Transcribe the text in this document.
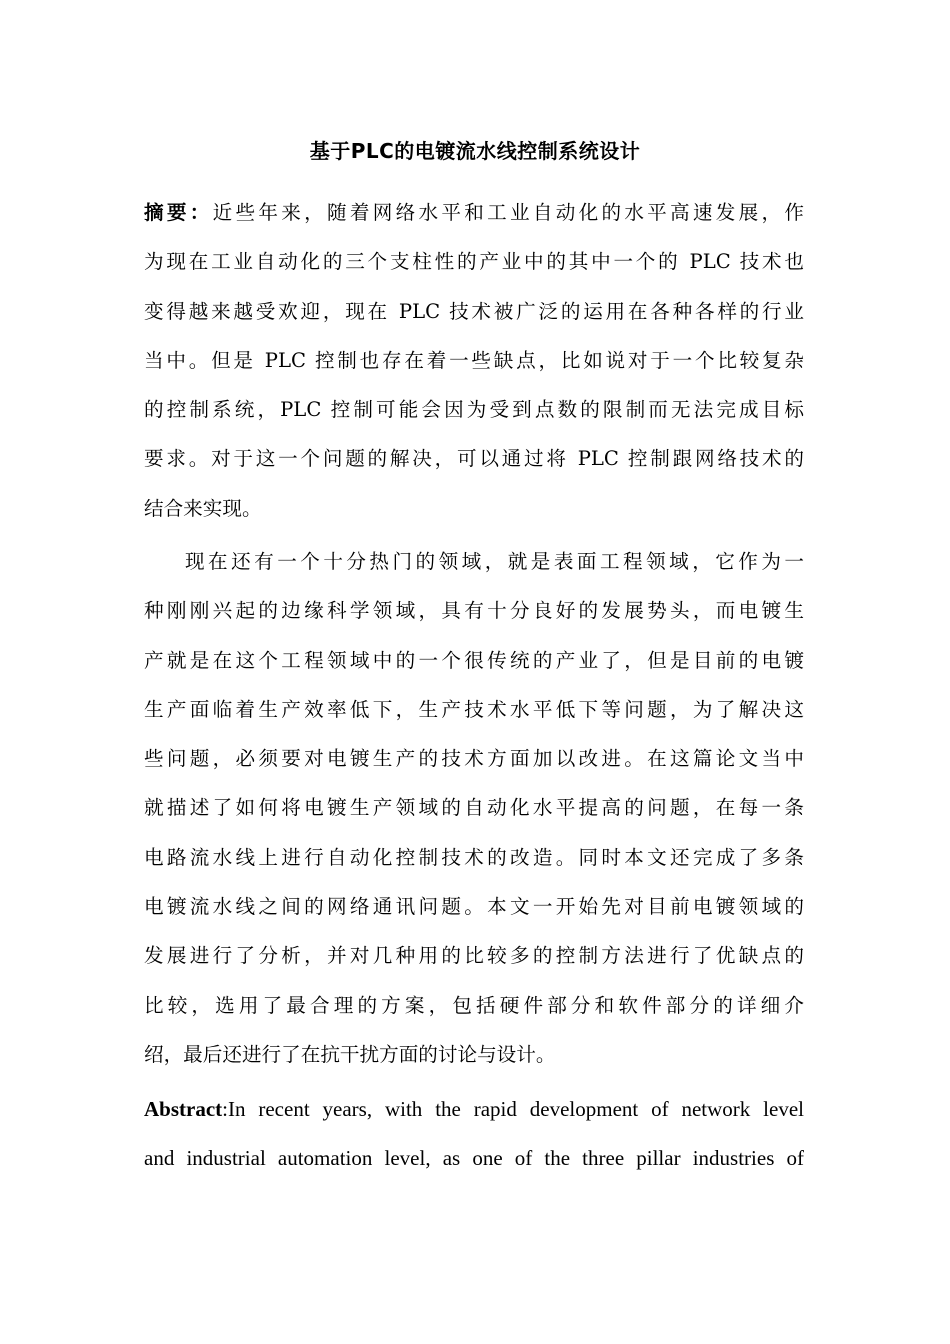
基于PLC的电镀流水线控制系统设计
摘要：近些年来，随着网络水平和工业自动化的水平高速发展，作
为现在工业自动化的三个支柱性的产业中的其中一个的 PLC 技术也
变得越来越受欢迎，现在 PLC 技术被广泛的运用在各种各样的行业
当中。但是 PLC 控制也存在着一些缺点，比如说对于一个比较复杂
的控制系统，PLC 控制可能会因为受到点数的限制而无法完成目标
要求。对于这一个问题的解决，可以通过将 PLC 控制跟网络技术的
结合来实现。
现在还有一个十分热门的领域，就是表面工程领域，它作为一
种刚刚兴起的边缘科学领域，具有十分良好的发展势头，而电镀生
产就是在这个工程领域中的一个很传统的产业了，但是目前的电镀
生产面临着生产效率低下，生产技术水平低下等问题，为了解决这
些问题，必须要对电镀生产的技术方面加以改进。在这篇论文当中
就描述了如何将电镀生产领域的自动化水平提高的问题，在每一条
电路流水线上进行自动化控制技术的改造。同时本文还完成了多条
电镀流水线之间的网络通讯问题。本文一开始先对目前电镀领域的
发展进行了分析，并对几种用的比较多的控制方法进行了优缺点的
比较，选用了最合理的方案，包括硬件部分和软件部分的详细介
绍，最后还进行了在抗干扰方面的讨论与设计。
Abstract:In recent years, with the rapid development of network level
and industrial automation level, as one of the three pillar industries of
